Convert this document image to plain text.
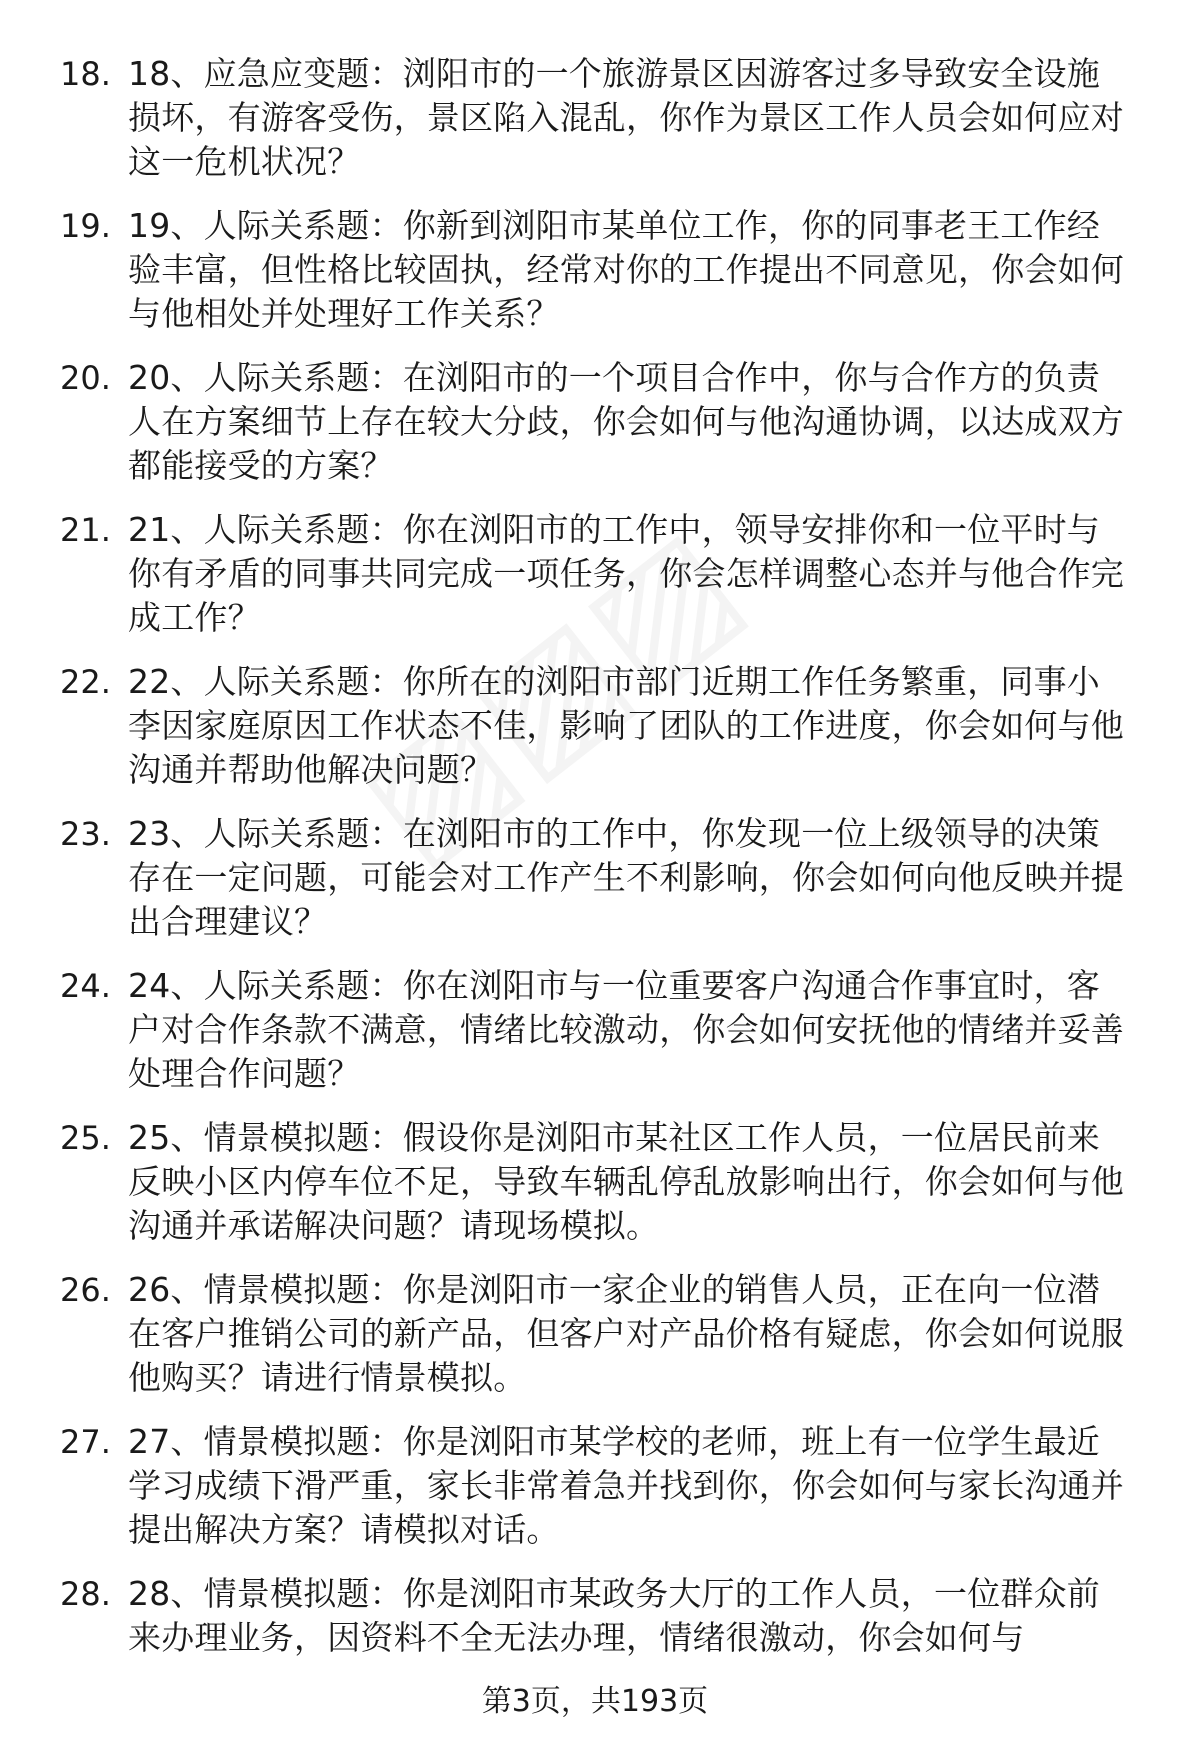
18. 18、应急应变题：浏阳市的一个旅游景区因游客过多导致安全设施损坏，有游客受伤，景区陷入混乱，你作为景区工作人员会如何应对这一危机状况？
19. 19、人际关系题：你新到浏阳市某单位工作，你的同事老王工作经验丰富，但性格比较固执，经常对你的工作提出不同意见，你会如何与他相处并处理好工作关系？
20. 20、人际关系题：在浏阳市的一个项目合作中，你与合作方的负责人在方案细节上存在较大分歧，你会如何与他沟通协调，以达成双方都能接受的方案？
21. 21、人际关系题：你在浏阳市的工作中，领导安排你和一位平时与你有矛盾的同事共同完成一项任务，你会怎样调整心态并与他合作完成工作？
22. 22、人际关系题：你所在的浏阳市部门近期工作任务繁重，同事小李因家庭原因工作状态不佳，影响了团队的工作进度，你会如何与他沟通并帮助他解决问题？
23. 23、人际关系题：在浏阳市的工作中，你发现一位上级领导的决策存在一定问题，可能会对工作产生不利影响，你会如何向他反映并提出合理建议？
24. 24、人际关系题：你在浏阳市与一位重要客户沟通合作事宜时，客户对合作条款不满意，情绪比较激动，你会如何安抚他的情绪并妥善处理合作问题？
25. 25、情景模拟题：假设你是浏阳市某社区工作人员，一位居民前来反映小区内停车位不足，导致车辆乱停乱放影响出行，你会如何与他沟通并承诺解决问题？请现场模拟。
26. 26、情景模拟题：你是浏阳市一家企业的销售人员，正在向一位潜在客户推销公司的新产品，但客户对产品价格有疑虑，你会如何说服他购买？请进行情景模拟。
27. 27、情景模拟题：你是浏阳市某学校的老师，班上有一位学生最近学习成绩下滑严重，家长非常着急并找到你，你会如何与家长沟通并提出解决方案？请模拟对话。
28. 28、情景模拟题：你是浏阳市某政务大厅的工作人员，一位群众前来办理业务，因资料不全无法办理，情绪很激动，你会如何与
第3页，共193页
